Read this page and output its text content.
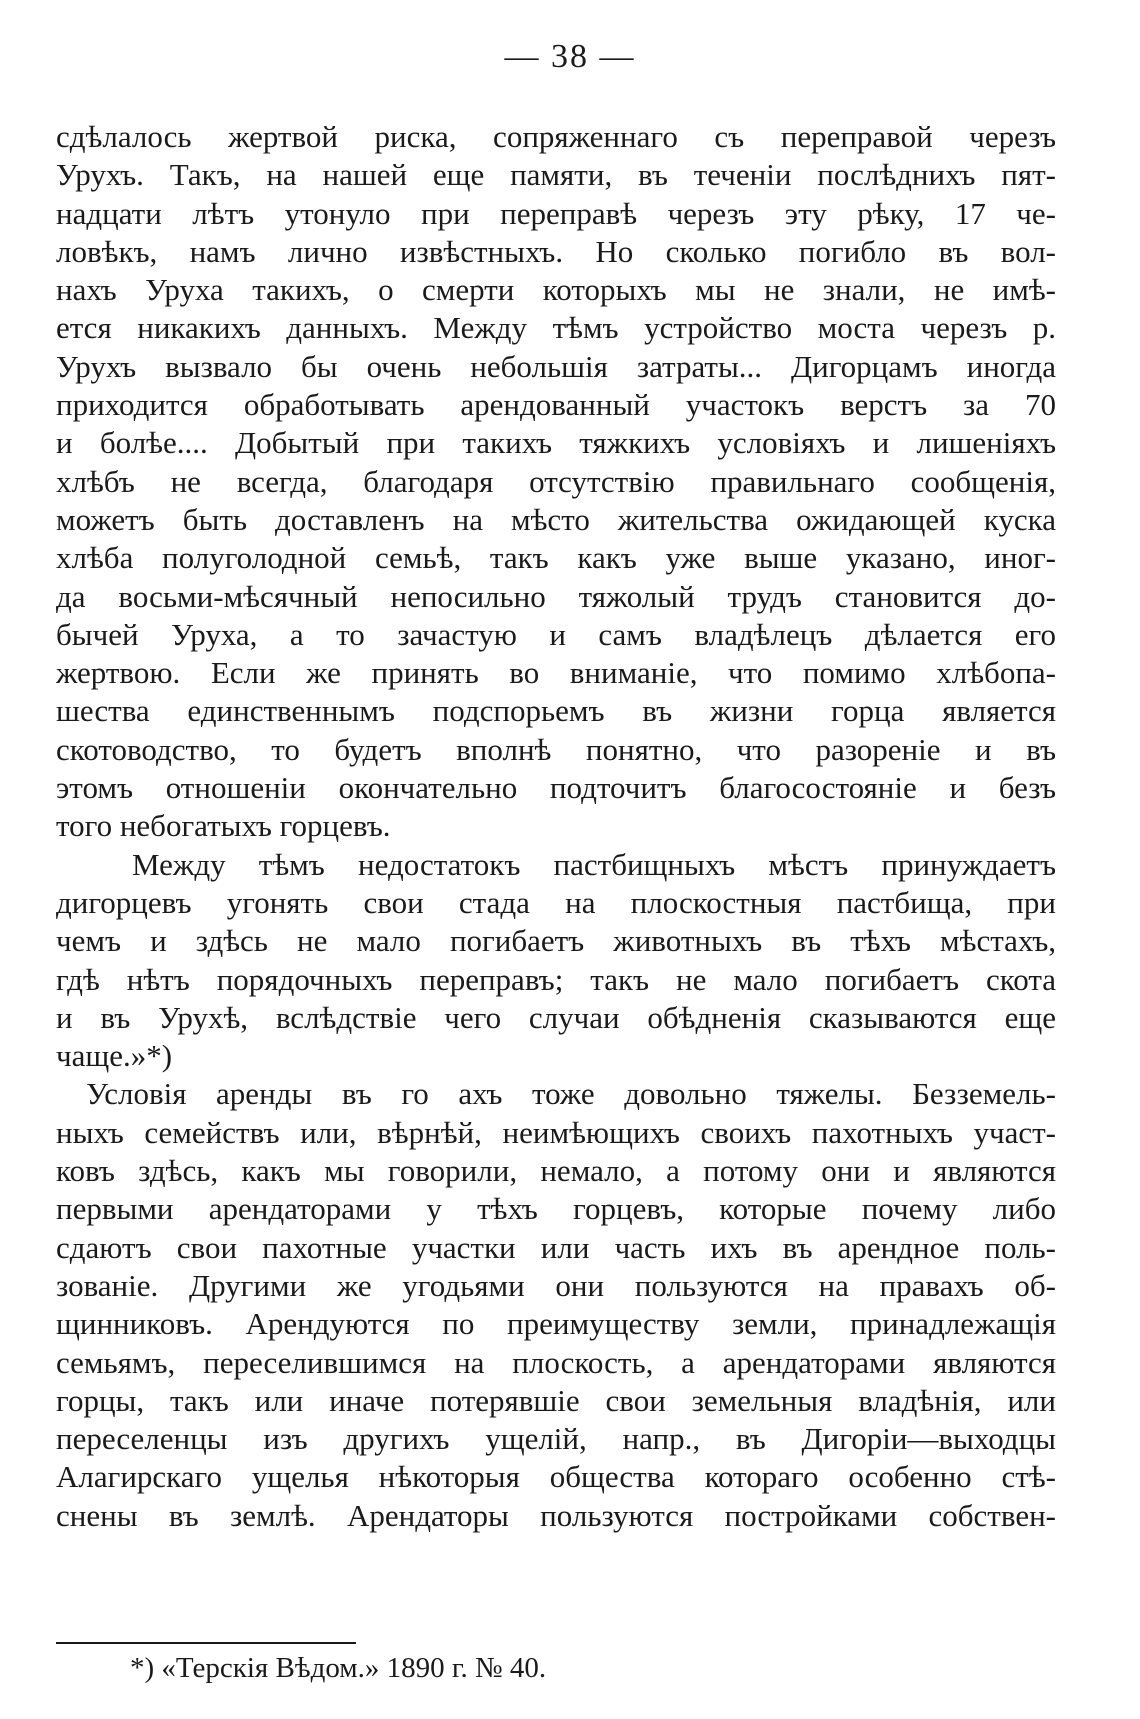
— 38 —
сдѣлалось жертвой риска, сопряженнаго съ переправой черезъ
Урухъ. Такъ, на нашей еще памяти, въ теченіи послѣднихъ пят-
надцати лѣтъ утонуло при переправѣ черезъ эту рѣку, 17 че-
ловѣкъ, намъ лично извѣстныхъ. Но сколько погибло въ вол-
нахъ Уруха такихъ, о смерти которыхъ мы не знали, не имѣ-
ется никакихъ данныхъ. Между тѣмъ устройство моста черезъ р.
Урухъ вызвало бы очень небольшія затраты... Дигорцамъ иногда
приходится обработывать арендованный участокъ верстъ за 70
и болѣе.... Добытый при такихъ тяжкихъ условіяхъ и лишеніяхъ
хлѣбъ не всегда, благодаря отсутствію правильнаго сообщенія,
можетъ быть доставленъ на мѣсто жительства ожидающей куска
хлѣба полуголодной семьѣ, такъ какъ уже выше указано, иног-
да восьми-мѣсячный непосильно тяжолый трудъ становится до-
бычей Уруха, а то зачастую и самъ владѣлецъ дѣлается его
жертвою. Если же принять во вниманіе, что помимо хлѣбопа-
шества единственнымъ подспорьемъ въ жизни горца является
скотоводство, то будетъ вполнѣ понятно, что разореніе и въ
этомъ отношеніи окончательно подточитъ благосостояніе и безъ
того небогатыхъ горцевъ.
Между тѣмъ недостатокъ пастбищныхъ мѣстъ принуждаетъ
дигорцевъ угонять свои стада на плоскостныя пастбища, при
чемъ и здѣсь не мало погибаетъ животныхъ въ тѣхъ мѣстахъ,
гдѣ нѣтъ порядочныхъ переправъ; такъ не мало погибаетъ скота
и въ Урухѣ, вслѣдствіе чего случаи обѣдненія сказываются еще
чаще.»*)
Условія аренды въ го ахъ тоже довольно тяжелы. Безземель-
ныхъ семействъ или, вѣрнѣй, неимѣющихъ своихъ пахотныхъ участ-
ковъ здѣсь, какъ мы говорили, немало, а потому они и являются
первыми арендаторами у тѣхъ горцевъ, которые почему либо
сдаютъ свои пахотные участки или часть ихъ въ арендное поль-
зованіе. Другими же угодьями они пользуются на правахъ об-
щинниковъ. Арендуются по преимуществу земли, принадлежащія
семьямъ, переселившимся на плоскость, а арендаторами являются
горцы, такъ или иначе потерявшіе свои земельныя владѣнія, или
переселенцы изъ другихъ ущелій, напр., въ Дигоріи—выходцы
Алагирскаго ущелья нѣкоторыя общества котораго особенно стѣ-
снены въ землѣ. Арендаторы пользуются постройками собствен-
*) «Терскія Вѣдом.» 1890 г. № 40.
